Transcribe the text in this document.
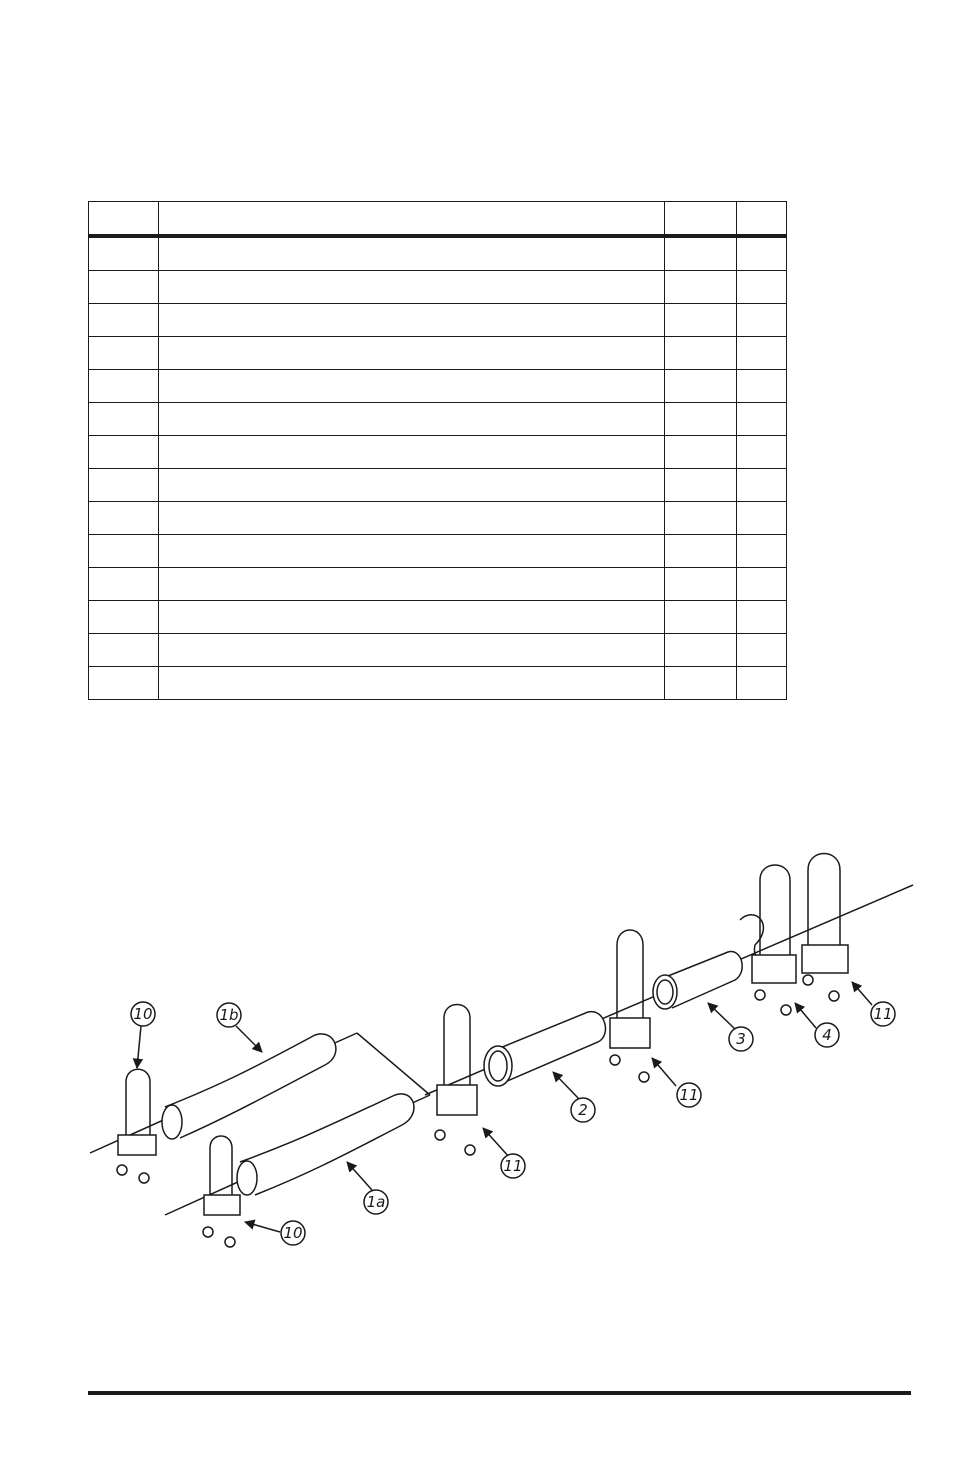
10	1b
10
1a
11
2
11
3	4
11
